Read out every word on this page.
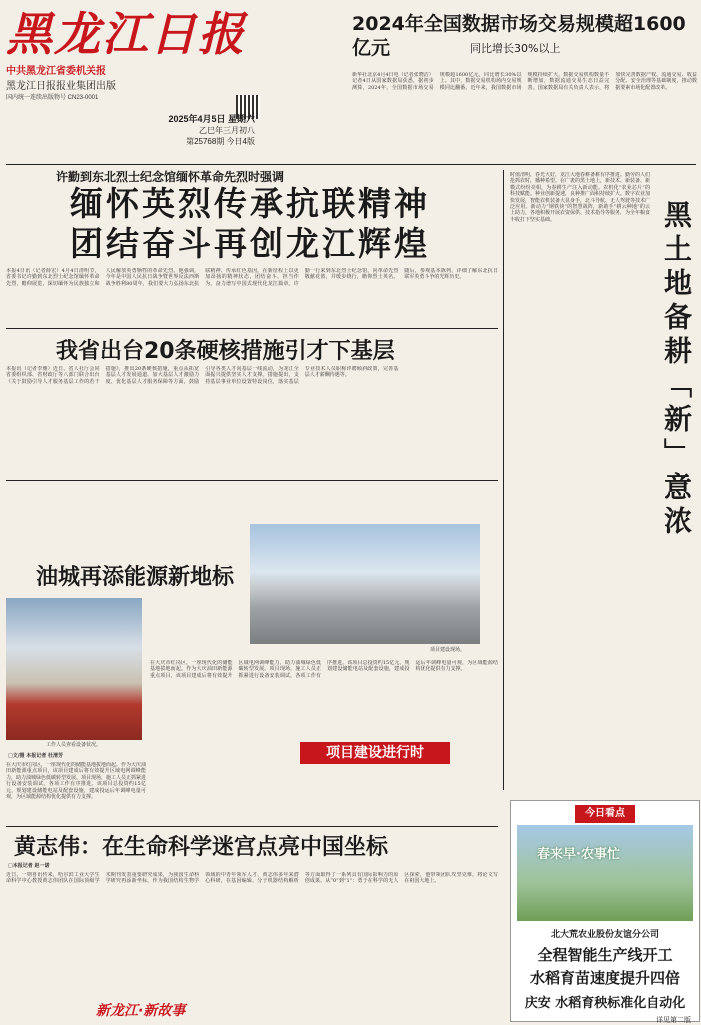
黑龙江日报
中共黑龙江省委机关报
黑龙江日报报业集团出版
国内统一连续出版物号 CN23-0001
2025年4月5日 星期六
乙巳年三月初八
第25768期 今日4版
2024年全国数据市场交易规模超1600亿元	同比增长30%以上
新华社北京4月4日电（记者张晓洁）记者4日从国家数据局获悉，据初步测算，2024年，全国数据市场交易规模超1600亿元，同比增长30%以上。其中，数据交易机构场内交易规模同比翻番。近年来，我国数据市场规模持续扩大，数据交易机构数量不断增加，数据流通交易生态日益完善。国家数据局有关负责人表示，将加快完善数据产权、流通交易、收益分配、安全治理等基础制度，推动数据要素市场化配置改革。
许勤到东北烈士纪念馆缅怀革命先烈时强调
缅怀英烈传承抗联精神
团结奋斗再创龙江辉煌
本报4日讯（记者薛宏）4月4日清明节，省委书记许勤到东北烈士纪念馆缅怀革命先烈，瞻仰展览，深切缅怀为民族独立和人民解放英勇牺牲的革命先烈。他强调，今年是中国人民抗日战争暨世界反法西斯战争胜利80周年，我们要大力弘扬东北抗联精神、传承红色基因，在新征程上以更加昂扬的精神状态，团结奋斗、担当作为，奋力谱写中国式现代化龙江篇章。许勤一行来到东北烈士纪念馆，向革命先烈敬献花篮，并缓步绕行，瞻仰烈士英名。随后，参观基本陈列，详细了解东北抗日联军英勇斗争的光辉历史。	黑土地备耕「新」意浓
时值清明，春光大好，龙江大地春耕备耕有序推进。勤劳的人们抢抓农时，播种希望。在广袤的黑土地上，新技术、新装备、新模式纷纷亮相，为春耕生产注入新动能。农机化“农业芯片”的科技赋能。种业创新提速，良种推广面积持续扩大。数字农业加快发展，智能农机装备大显身手，北斗导航、无人驾驶等技术广泛应用。新动力“钢铁侠”的智慧战阵，新助手“耕云种地”的云上助力，各地积极开展农资保供、技术指导等服务，为全年粮食丰收打下坚实基础。
我省出台20条硬核措施引才下基层
本报讯（记者李雅）近日，省人社厅会同省委组织部、省财政厅等八部门联合出台《关于鼓励引导人才服务基层工作的若干措施》，推出20条硬核措施，重点从拓宽基层人才发展通道、加大基层人才激励力度、优化基层人才服务保障等方面，鼓励引导各类人才向基层一线流动，为龙江全面振兴提供坚实人才支撑。措施提出，支持基层事业单位设置特设岗位，落实基层专业技术人员职称评聘倾斜政策，完善基层人才薪酬待遇等。
油城再添能源新地标
工作人员查看设备状况。
项目建设现场。
□文/摄 本报记者 杜清芳
在大庆市红岗区，一座现代化的储能基地拔地而起。作为大庆油田新能源重点项目，该项目建成后将有效提升区域电网调峰能力，助力油城绿色低碳转型发展。项目现场，施工人员正抓紧进行设备安装调试，各项工作有序推进。该项目总投资约15亿元，规划建设储能电站及配套设施，建成投运后年调峰电量可观，为区域能源结构优化提供有力支撑。
在大庆市红岗区，一座现代化的储能基地拔地而起。作为大庆油田新能源重点项目，该项目建成后将有效提升区域电网调峰能力，助力油城绿色低碳转型发展。项目现场，施工人员正抓紧进行设备安装调试，各项工作有序推进。该项目总投资约15亿元，规划建设储能电站及配套设施，建成投运后年调峰电量可观，为区域能源结构优化提供有力支撑。
项目建设进行时
黄志伟：在生命科学迷宫点亮中国坐标
□本报记者 赵一诺
近日，一则喜讯传来，哈尔滨工业大学生命科学中心教授黄志伟团队在国际顶级学术期刊发表重要研究成果，为我国生命科学研究再添新坐标。作为我国结构生物学领域的中青年领军人才，黄志伟多年来潜心科研，在基因编辑、分子机器结构解析等方面取得了一系列具有国际影响力的原创成果。从“0”到“1”：勇于在科学的无人区探索，他带领团队攻坚克难，将论文写在祖国大地上。
新龙江·新故事
今日看点
春来早·农事忙
北大荒农业股份友谊分公司
全程智能生产线开工
水稻育苗速度提升四倍
庆安 水稻育秧标准化自动化
详见第二版
